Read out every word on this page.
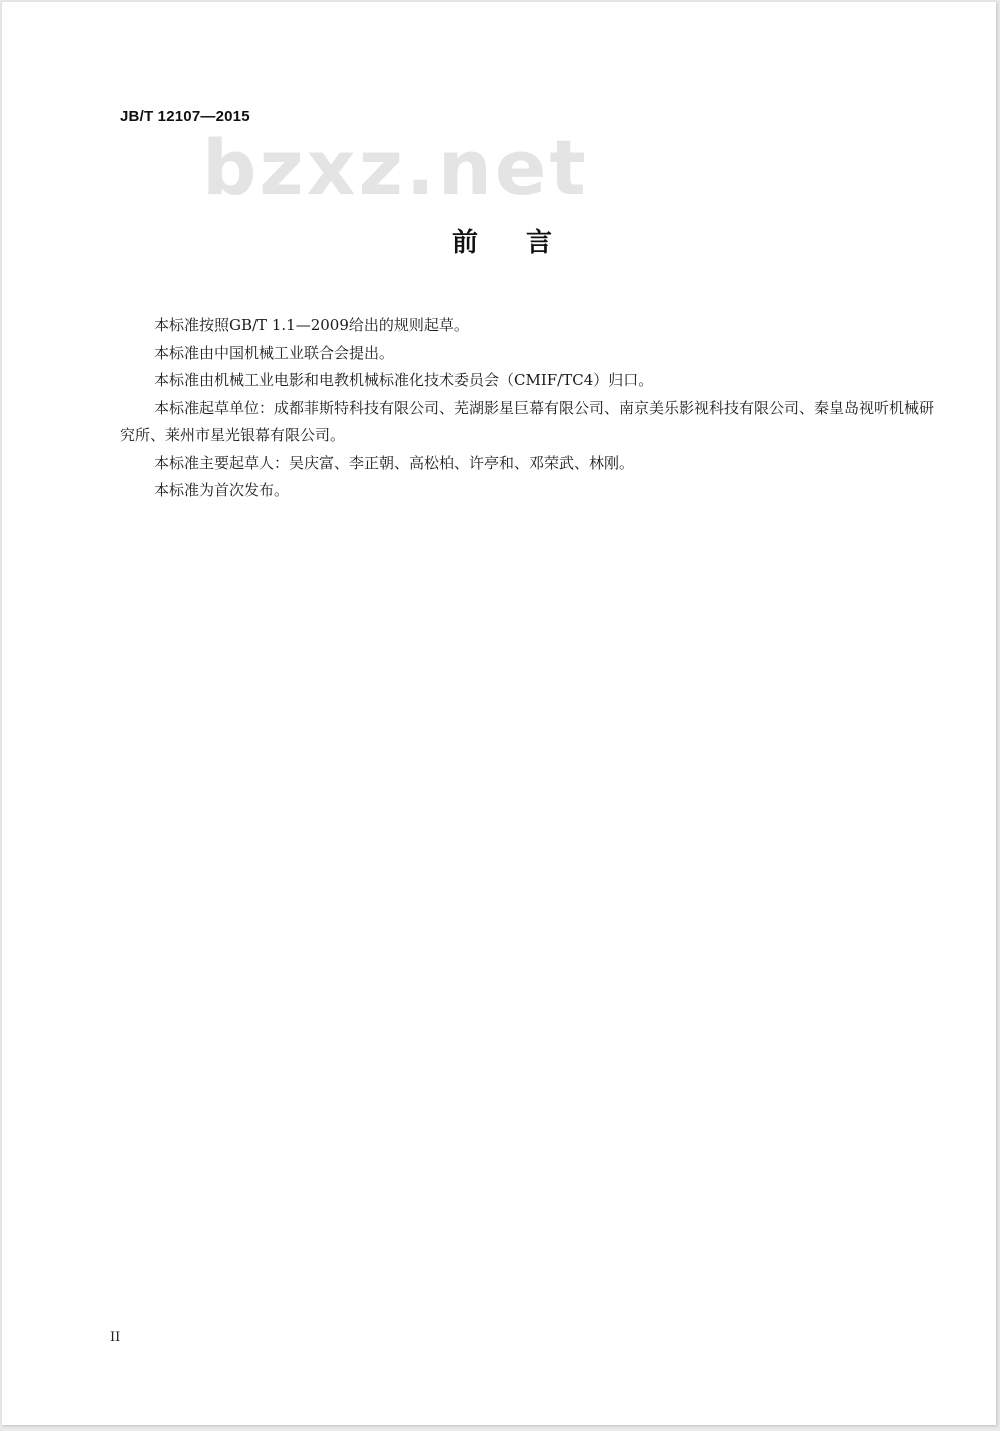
JB/T 12107—2015
bzxz.net
前言

本标准按照GB/T 1.1—2009给出的规则起草。

本标准由中国机械工业联合会提出。

本标准由机械工业电影和电教机械标准化技术委员会（CMIF/TC4）归口。

本标准起草单位：成都菲斯特科技有限公司、芜湖影星巨幕有限公司、南京美乐影视科技有限公司、秦皇岛视听机械研究所、莱州市星光银幕有限公司。

本标准主要起草人：吴庆富、李正朝、高松柏、许亭和、邓荣武、林刚。

本标准为首次发布。

II
